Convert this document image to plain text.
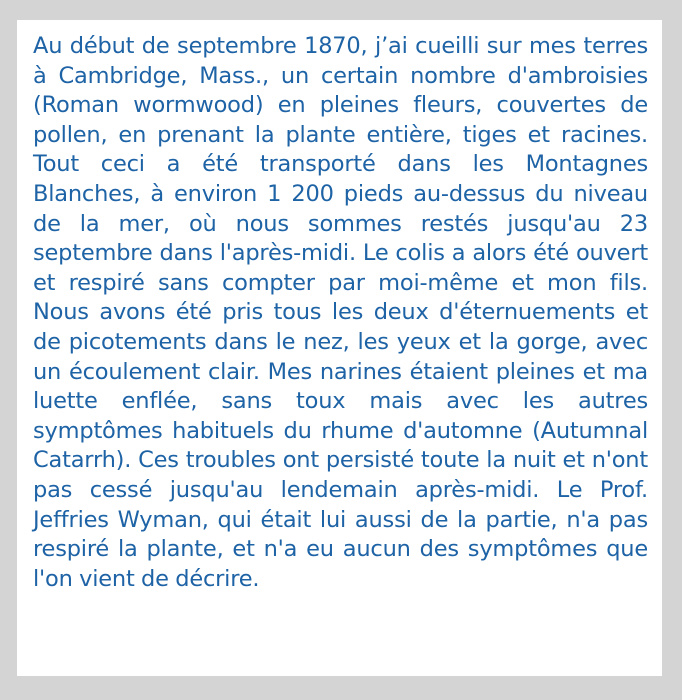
Au début de septembre 1870, j’ai cueilli sur mes terres à Cambridge, Mass., un certain nombre d'ambroisies (Roman wormwood) en pleines fleurs, couvertes de pollen, en prenant la plante entière, tiges et racines. Tout ceci a été transporté dans les Montagnes Blanches, à environ 1 200 pieds au-dessus du niveau de la mer, où nous sommes restés jusqu'au 23 septembre dans l'après-midi. Le colis a alors été ouvert et respiré sans compter par moi-même et mon fils. Nous avons été pris tous les deux d'éternuements et de picotements dans le nez, les yeux et la gorge, avec un écoulement clair. Mes narines étaient pleines et ma luette enflée, sans toux mais avec les autres symptômes habituels du rhume d'automne (Autumnal Catarrh). Ces troubles ont persisté toute la nuit et n'ont pas cessé jusqu'au lendemain après-midi. Le Prof. Jeffries Wyman, qui était lui aussi de la partie, n'a pas respiré la plante, et n'a eu aucun des symptômes que l'on vient de décrire.
